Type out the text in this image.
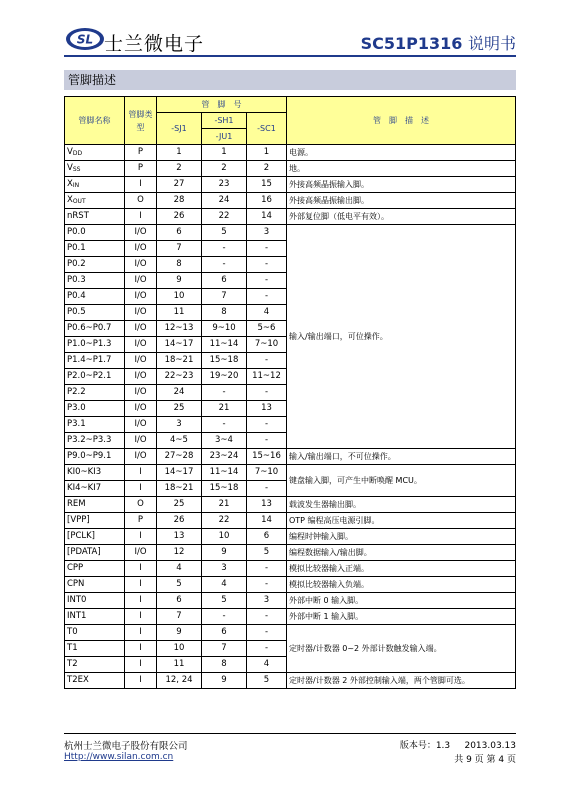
SL 士兰微电子	SC51P1316 说明书
管脚描述
管脚名称	管脚类型	管　脚　号			管　脚　描　述
		-SJ1	-SH1	-SC1	
			-JU1		
$V_{DD}$	P	1	1	1	电源。
$V_{SS}$	P	2	2	2	地。
$X_{IN}$	I	27	23	15	外接高频晶振输入脚。
$X_{OUT}$	O	28	24	16	外接高频晶振输出脚。
nRST	I	26	22	14	外部复位脚（低电平有效）。
P0.0	I/O	6	5	3	输入/输出端口，可位操作。
P0.1	I/O	7	-	-	
P0.2	I/O	8	-	-	
P0.3	I/O	9	6	-	
P0.4	I/O	10	7	-	
P0.5	I/O	11	8	4	
P0.6~P0.7	I/O	12~13	9~10	5~6	
P1.0~P1.3	I/O	14~17	11~14	7~10	
P1.4~P1.7	I/O	18~21	15~18	-	
P2.0~P2.1	I/O	22~23	19~20	11~12	
P2.2	I/O	24	-	-	
P3.0	I/O	25	21	13	
P3.1	I/O	3	-	-	
P3.2~P3.3	I/O	4~5	3~4	-	
P9.0~P9.1	I/O	27~28	23~24	15~16	输入/输出端口，不可位操作。
KI0~KI3	I	14~17	11~14	7~10	键盘输入脚，可产生中断唤醒 MCU。
KI4~KI7	I	18~21	15~18	-	
REM	O	25	21	13	载波发生器输出脚。
[VPP]	P	26	22	14	OTP 编程高压电源引脚。
[PCLK]	I	13	10	6	编程时钟输入脚。
[PDATA]	I/O	12	9	5	编程数据输入/输出脚。
CPP	I	4	3	-	模拟比较器输入正端。
CPN	I	5	4	-	模拟比较器输入负端。
INT0	I	6	5	3	外部中断 0 输入脚。
INT1	I	7	-	-	外部中断 1 输入脚。
T0	I	9	6	-	定时器/计数器 0~2 外部计数触发输入端。
T1	I	10	7	-	
T2	I	11	8	4	
T2EX	I	12, 24	9	5	定时器/计数器 2 外部控制输入端，两个管脚可选。
杭州士兰微电子股份有限公司
Http://www.silan.com.cn
版本号：1.3 2013.03.13
共 9 页 第 4 页
